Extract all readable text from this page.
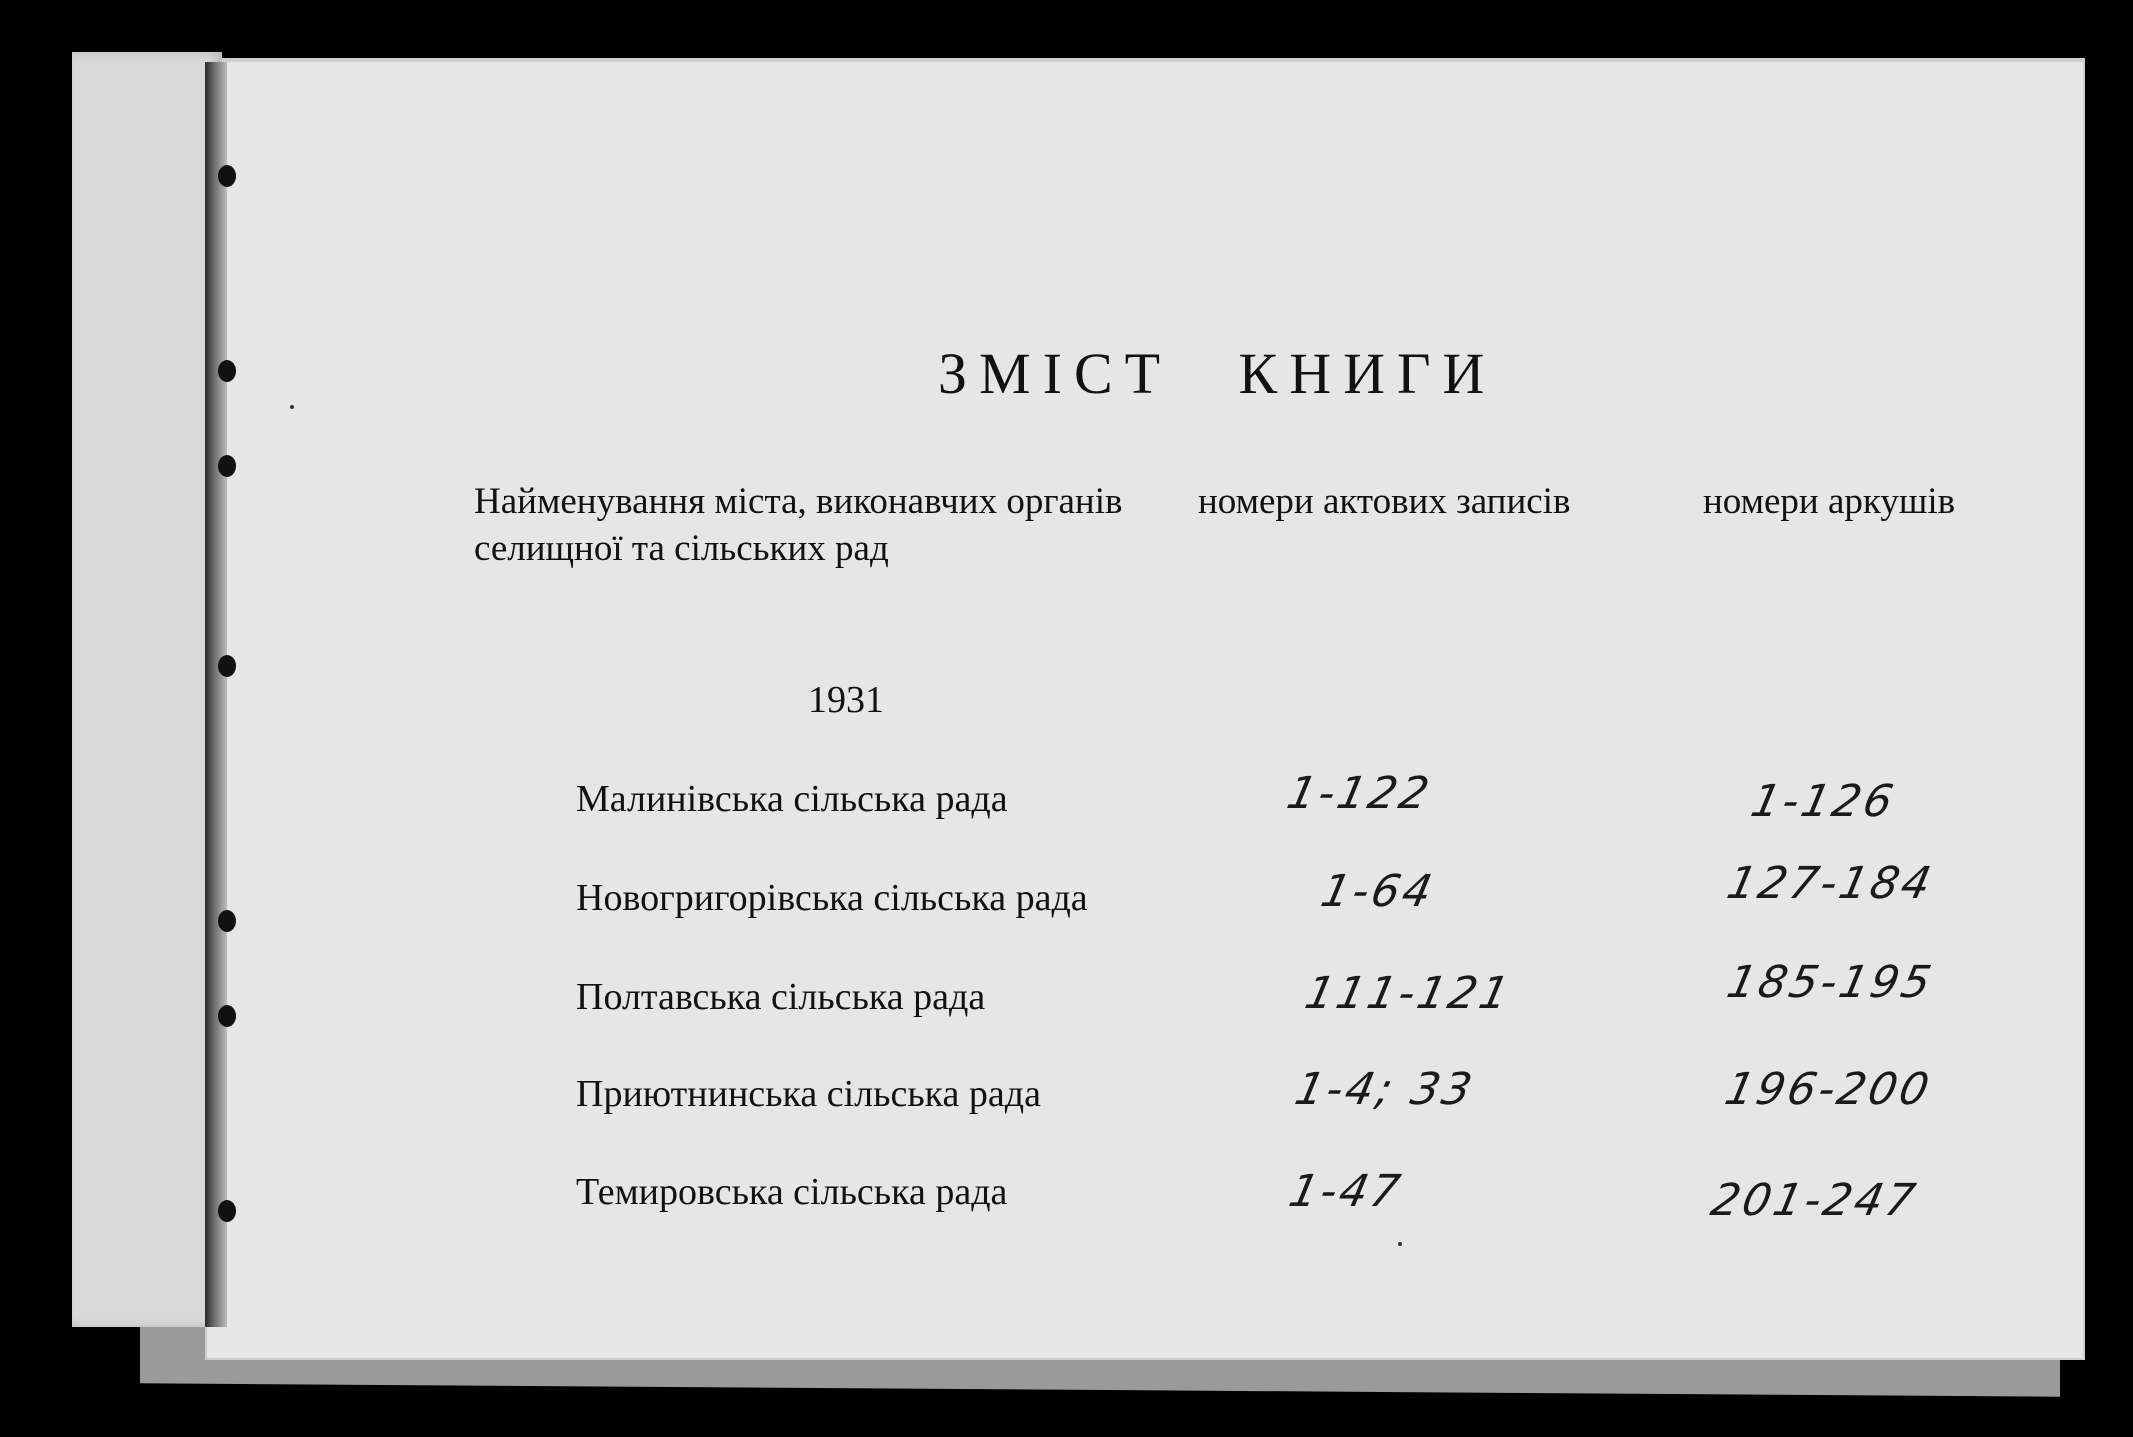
ЗМІСТ КНИГИ
Найменування міста, виконавчих органів селищної та сільських рад
номери актових записів	номери аркушів
1931
Малинівська сільська рада	1-122	1-126
Новогригорівська сільська рада	1-64	127-184
Полтавська сільська рада	111-121	185-195
Приютнинська сільська рада	1-4; 33	196-200
Темировська сільська рада	1-47	201-247
